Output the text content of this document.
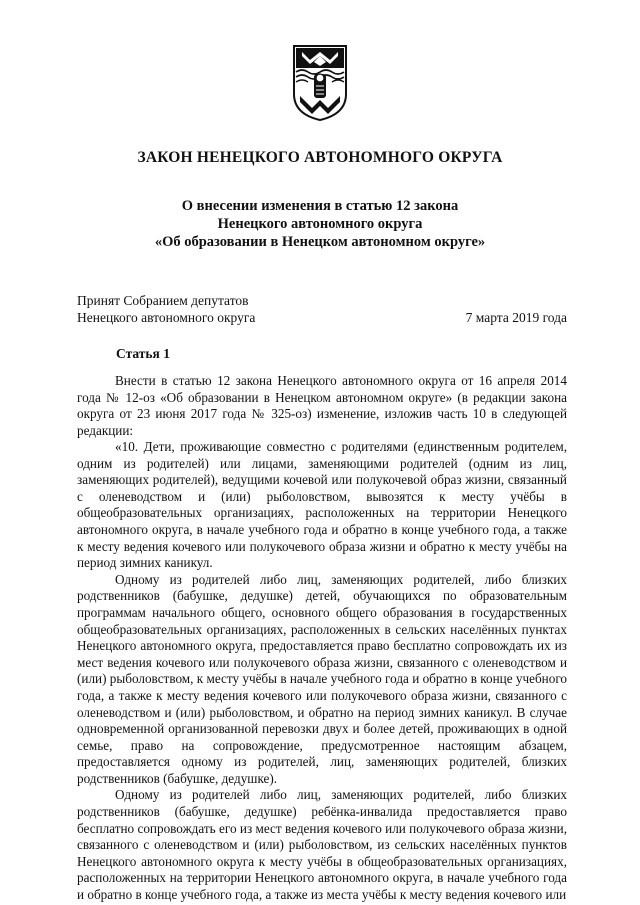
ЗАКОН НЕНЕЦКОГО АВТОНОМНОГО ОКРУГА
О внесении изменения в статью 12 закона
Ненецкого автономного округа
«Об образовании в Ненецком автономном округе»
Принят Собранием депутатов
Ненецкого автономного округа	7 марта 2019 года
Статья 1

Внести в статью 12 закона Ненецкого автономного округа от 16 апреля 2014 года № 12-оз «Об образовании в Ненецком автономном округе» (в редакции закона округа от 23 июня 2017 года № 325-оз) изменение, изложив часть 10 в следующей редакции:

«10. Дети, проживающие совместно с родителями (единственным родителем, одним из родителей) или лицами, заменяющими родителей (одним из лиц, заменяющих родителей), ведущими кочевой или полукочевой образ жизни, связанный с оленеводством и (или) рыболовством, вывозятся к месту учёбы в общеобразовательных организациях, расположенных на территории Ненецкого автономного округа, в начале учебного года и обратно в конце учебного года, а также к месту ведения кочевого или полукочевого образа жизни и обратно к месту учёбы на период зимних каникул.

Одному из родителей либо лиц, заменяющих родителей, либо близких родственников (бабушке, дедушке) детей, обучающихся по образовательным программам начального общего, основного общего образования в государственных общеобразовательных организациях, расположенных в сельских населённых пунктах Ненецкого автономного округа, предоставляется право бесплатно сопровождать их из мест ведения кочевого или полукочевого образа жизни, связанного с оленеводством и (или) рыболовством, к месту учёбы в начале учебного года и обратно в конце учебного года, а также к месту ведения кочевого или полукочевого образа жизни, связанного с оленеводством и (или) рыболовством, и обратно на период зимних каникул. В случае одновременной организованной перевозки двух и более детей, проживающих в одной семье, право на сопровождение, предусмотренное настоящим абзацем, предоставляется одному из родителей, лиц, заменяющих родителей, близких родственников (бабушке, дедушке).

Одному из родителей либо лиц, заменяющих родителей, либо близких родственников (бабушке, дедушке) ребёнка-инвалида предоставляется право бесплатно сопровождать его из мест ведения кочевого или полукочевого образа жизни, связанного с оленеводством и (или) рыболовством, из сельских населённых пунктов Ненецкого автономного округа к месту учёбы в общеобразовательных организациях, расположенных на территории Ненецкого автономного округа, в начале учебного года и обратно в конце учебного года, а также из места учёбы к месту ведения кочевого или
